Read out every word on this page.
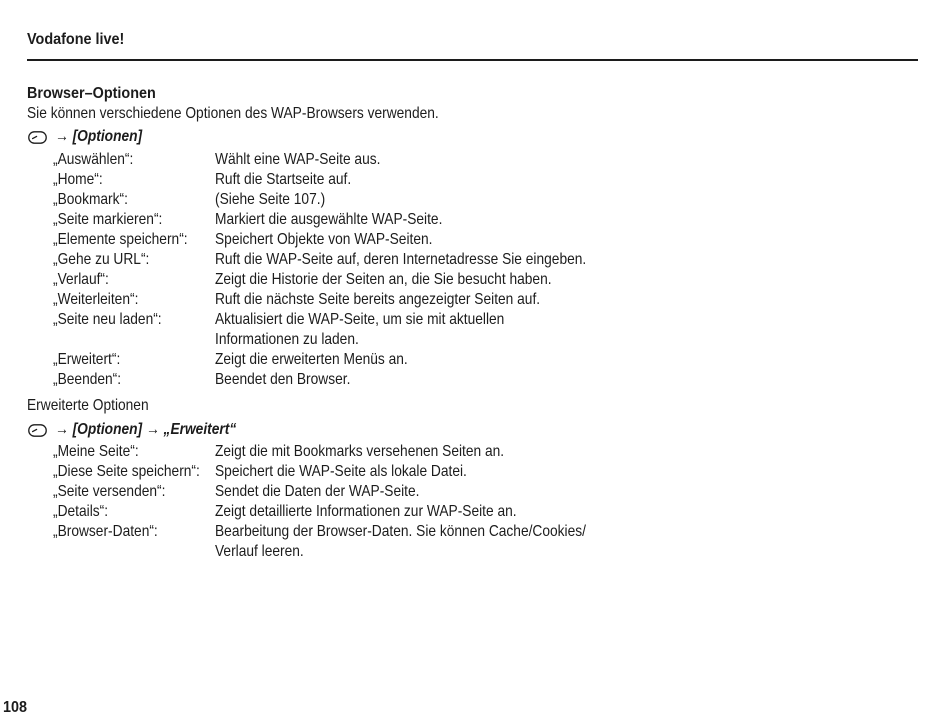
Vodafone live!
Browser–Optionen
Sie können verschiedene Optionen des WAP-Browsers verwenden.
→ [Optionen]
„Auswählen“:	Wählt eine WAP-Seite aus.
„Home“:	Ruft die Startseite auf.
„Bookmark“:	(Siehe Seite 107.)
„Seite markieren“:	Markiert die ausgewählte WAP-Seite.
„Elemente speichern“: Speichert Objekte von WAP-Seiten.
„Gehe zu URL“:	Ruft die WAP-Seite auf, deren Internetadresse Sie eingeben.
„Verlauf“:	Zeigt die Historie der Seiten an, die Sie besucht haben.
„Weiterleiten“:	Ruft die nächste Seite bereits angezeigter Seiten auf.
„Seite neu laden“:	Aktualisiert die WAP-Seite, um sie mit aktuellen
Informationen zu laden.
„Erweitert“:	Zeigt die erweiterten Menüs an.
„Beenden“:	Beendet den Browser.
Erweiterte Optionen
→ [Optionen] → „Erweitert“
„Meine Seite“:	Zeigt die mit Bookmarks versehenen Seiten an.
„Diese Seite speichern“: Speichert die WAP-Seite als lokale Datei.
„Seite versenden“:	Sendet die Daten der WAP-Seite.
„Details“:	Zeigt detaillierte Informationen zur WAP-Seite an.
„Browser-Daten“:	Bearbeitung der Browser-Daten. Sie können Cache/Cookies/
Verlauf leeren.
108
